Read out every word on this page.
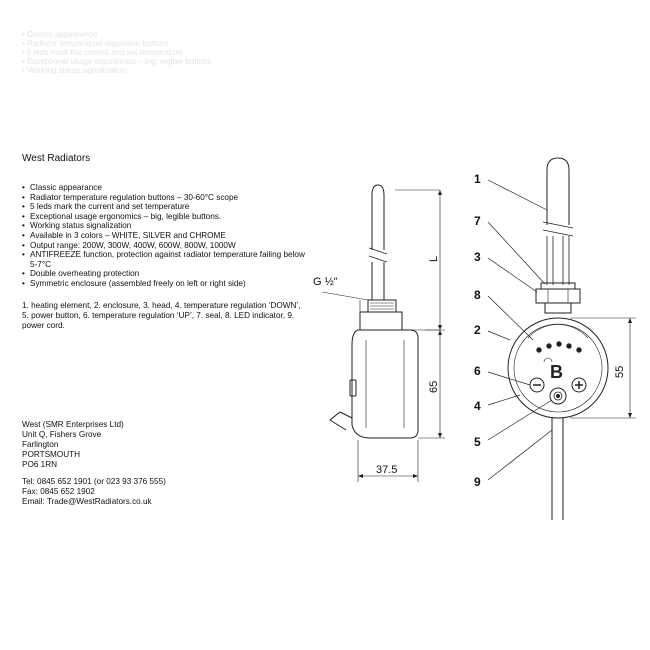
• Classic appearance
• Radiator temperature regulation buttons
• 5 leds mark the current and set temperature
• Exceptional usage ergonomics – big, legible buttons
• Working status signalization
West Radiators
• Classic appearance
• Radiator temperature regulation buttons – 30-60°C scope
• 5 leds mark the current and set temperature
• Exceptional usage ergonomics – big, legible buttons.
• Working status signalization
• Available in 3 colors – WHITE, SILVER and CHROME
• Output range: 200W, 300W, 400W, 600W, 800W, 1000W
• ANTIFREEZE function, protection against radiator temperature failing below 5-7°C
• Double overheating protection
• Symmetric enclosure (assembled freely on left or right side)
1. heating element, 2. enclosure, 3. head, 4. temperature regulation ‘DOWN’, 5. power button, 6. temperature regulation ‘UP’, 7. seal, 8. LED indicator, 9. power cord.
West (SMR Enterprises Ltd)
Unit Q, Fishers Grove
Farlington
PORTSMOUTH
PO6 1RN
Tel: 0845 652 1901 (or 023 93 376 555)
Fax: 0845 652 1902
Email: Trade@WestRadiators.co.uk
G ½"
L
65
37.5
B	55
1
7
3
8
2
6
4
5
9
